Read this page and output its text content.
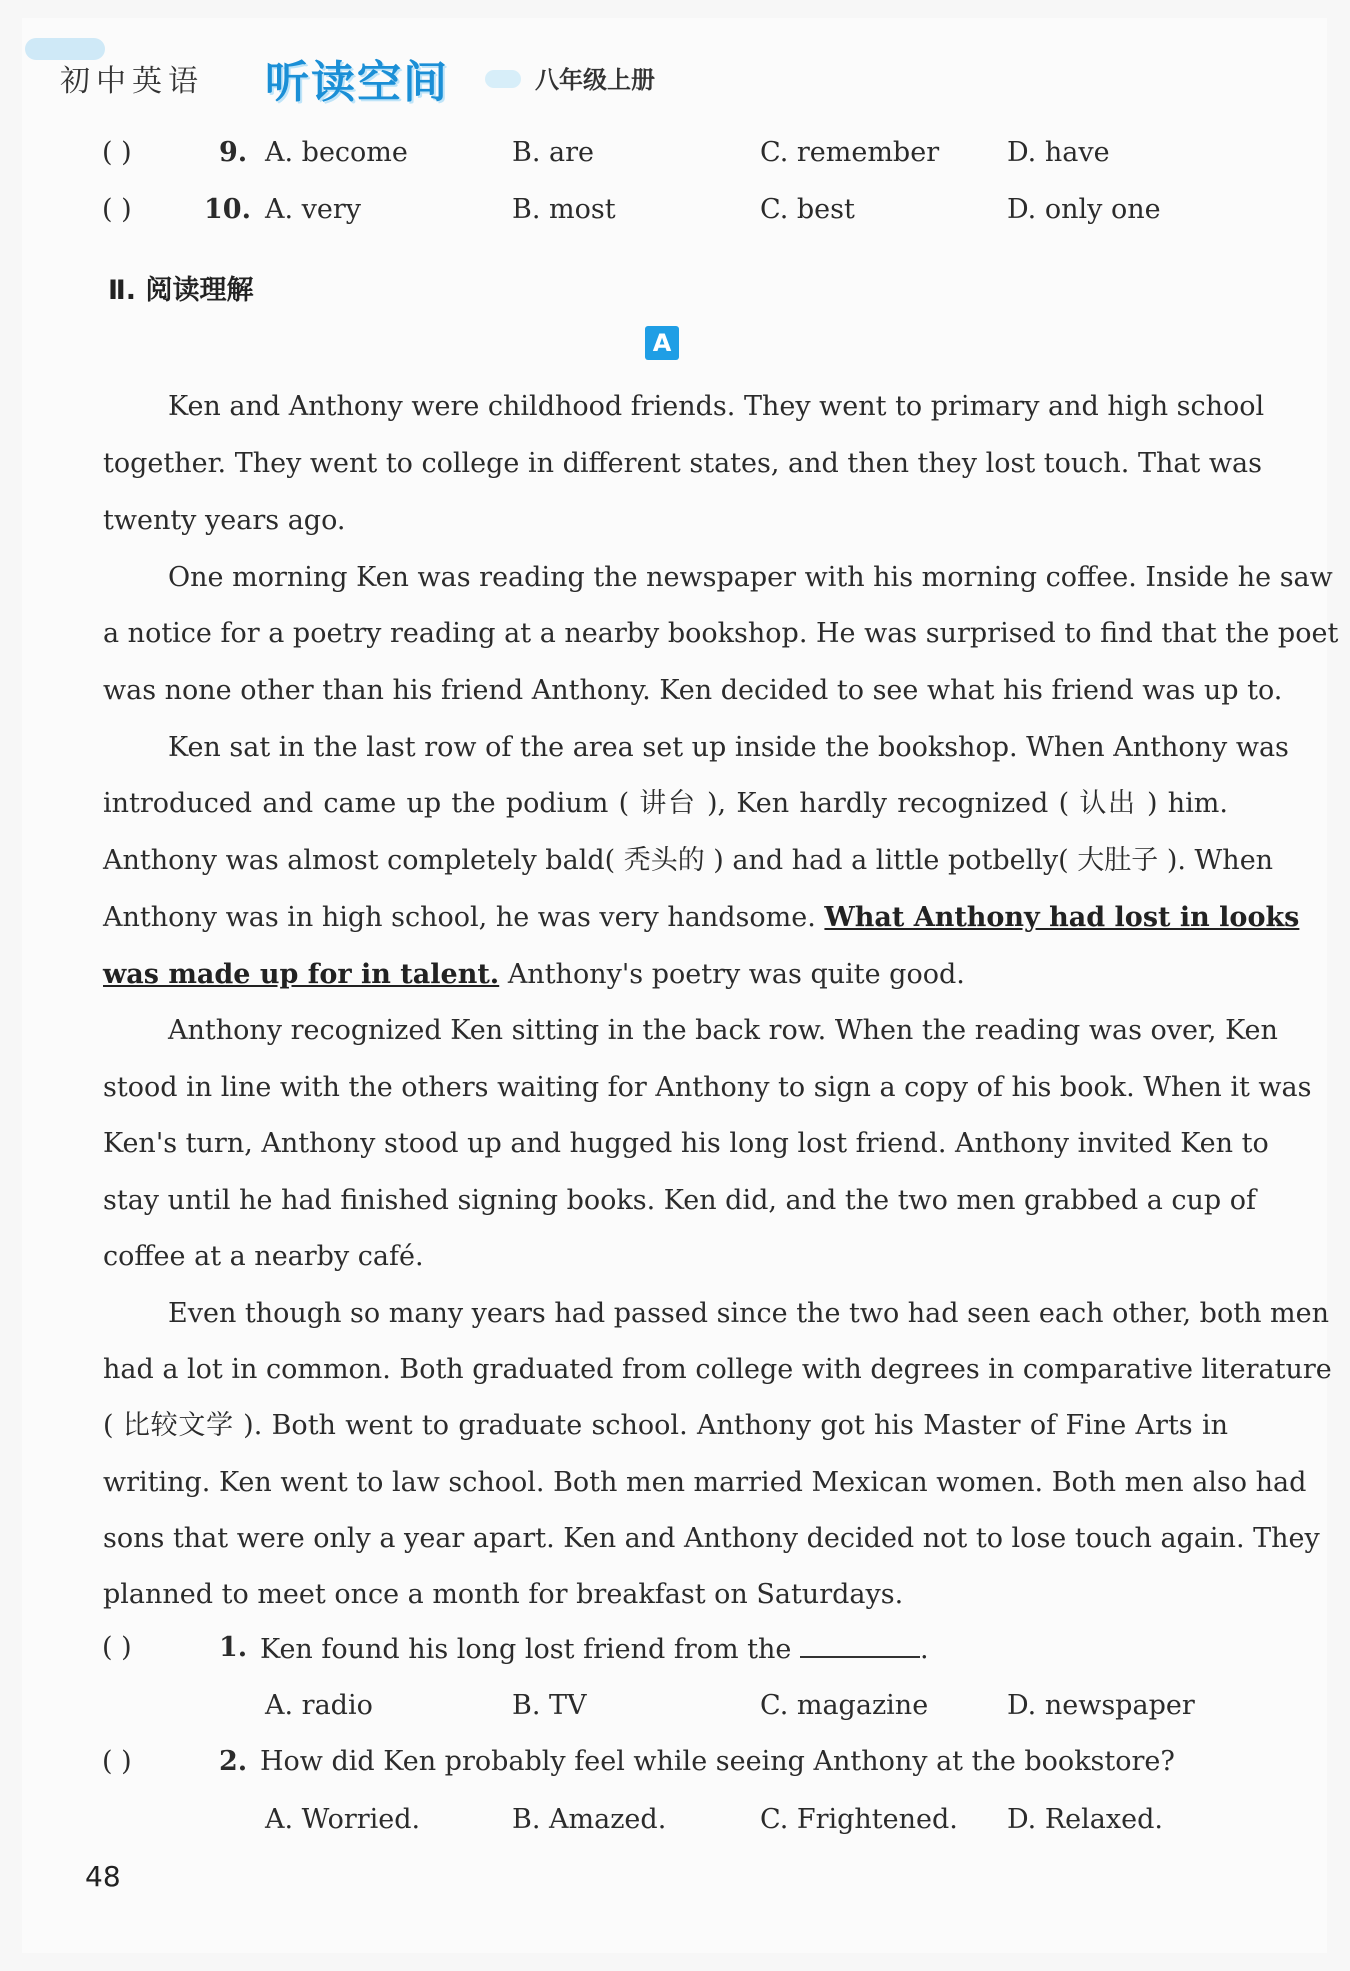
初中英语 听读空间	八年级上册
( )	9. A. become	B. are	C. remember	D. have
( )	10. A. very	B. most	C. best	D. only one
Ⅱ. 阅读理解
A
Ken and Anthony were childhood friends. They went to primary and high school
together. They went to college in different states, and then they lost touch. That was
twenty years ago.
One morning Ken was reading the newspaper with his morning coffee. Inside he saw
a notice for a poetry reading at a nearby bookshop. He was surprised to find that the poet
was none other than his friend Anthony. Ken decided to see what his friend was up to.
Ken sat in the last row of the area set up inside the bookshop. When Anthony was
introduced and came up the podium ( 讲台 ), Ken hardly recognized ( 认出 ) him.
Anthony was almost completely bald( 秃头的 ) and had a little potbelly( 大肚子 ). When
Anthony was in high school, he was very handsome. What Anthony had lost in looks
was made up for in talent. Anthony's poetry was quite good.
Anthony recognized Ken sitting in the back row. When the reading was over, Ken
stood in line with the others waiting for Anthony to sign a copy of his book. When it was
Ken's turn, Anthony stood up and hugged his long lost friend. Anthony invited Ken to
stay until he had finished signing books. Ken did, and the two men grabbed a cup of
coffee at a nearby café.
Even though so many years had passed since the two had seen each other, both men
had a lot in common. Both graduated from college with degrees in comparative literature
( 比较文学 ). Both went to graduate school. Anthony got his Master of Fine Arts in
writing. Ken went to law school. Both men married Mexican women. Both men also had
sons that were only a year apart. Ken and Anthony decided not to lose touch again. They
planned to meet once a month for breakfast on Saturdays.
( )	1. Ken found his long lost friend from the	.
A. radio	B. TV	C. magazine	D. newspaper
( )	2. How did Ken probably feel while seeing Anthony at the bookstore?
A. Worried.	B. Amazed.	C. Frightened. D. Relaxed.
48
